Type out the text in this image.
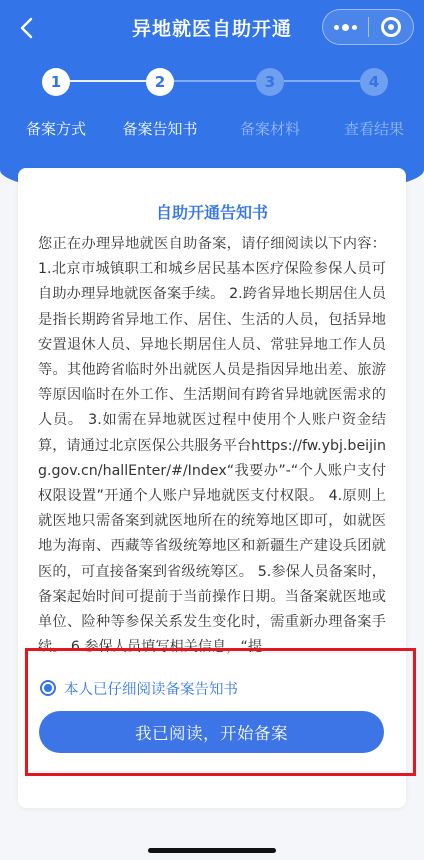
异地就医自助开通
1	2	3	4
备案方式	备案告知书	备案材料	查看结果
自助开通告知书
您正在办理异地就医自助备案，请仔细阅读以下内容： 1.北京市城镇职工和城乡居民基本医疗保险参保人员可自助办理异地就医备案手续。 2.跨省异地长期居住人员是指长期跨省异地工作、居住、生活的人员，包括异地安置退休人员、异地长期居住人员、常驻异地工作人员等。其他跨省临时外出就医人员是指因异地出差、旅游等原因临时在外工作、生活期间有跨省异地就医需求的人员。 3.如需在异地就医过程中使用个人账户资金结算，请通过北京医保公共服务平台https://fw.ybj.beijing.gov.cn/hallEnter/#/Index“我要办”-“个人账户支付权限设置”开通个人账户异地就医支付权限。 4.原则上就医地只需备案到就医地所在的统筹地区即可，如就医地为海南、西藏等省级统筹地区和新疆生产建设兵团就医的，可直接备案到省级统筹区。 5.参保人员备案时，备案起始时间可提前于当前操作日期。当备案就医地或单位、险种等参保关系发生变化时，需重新办理备案手续。 6.参保人员填写相关信息，“提
本人已仔细阅读备案告知书
我已阅读，开始备案
